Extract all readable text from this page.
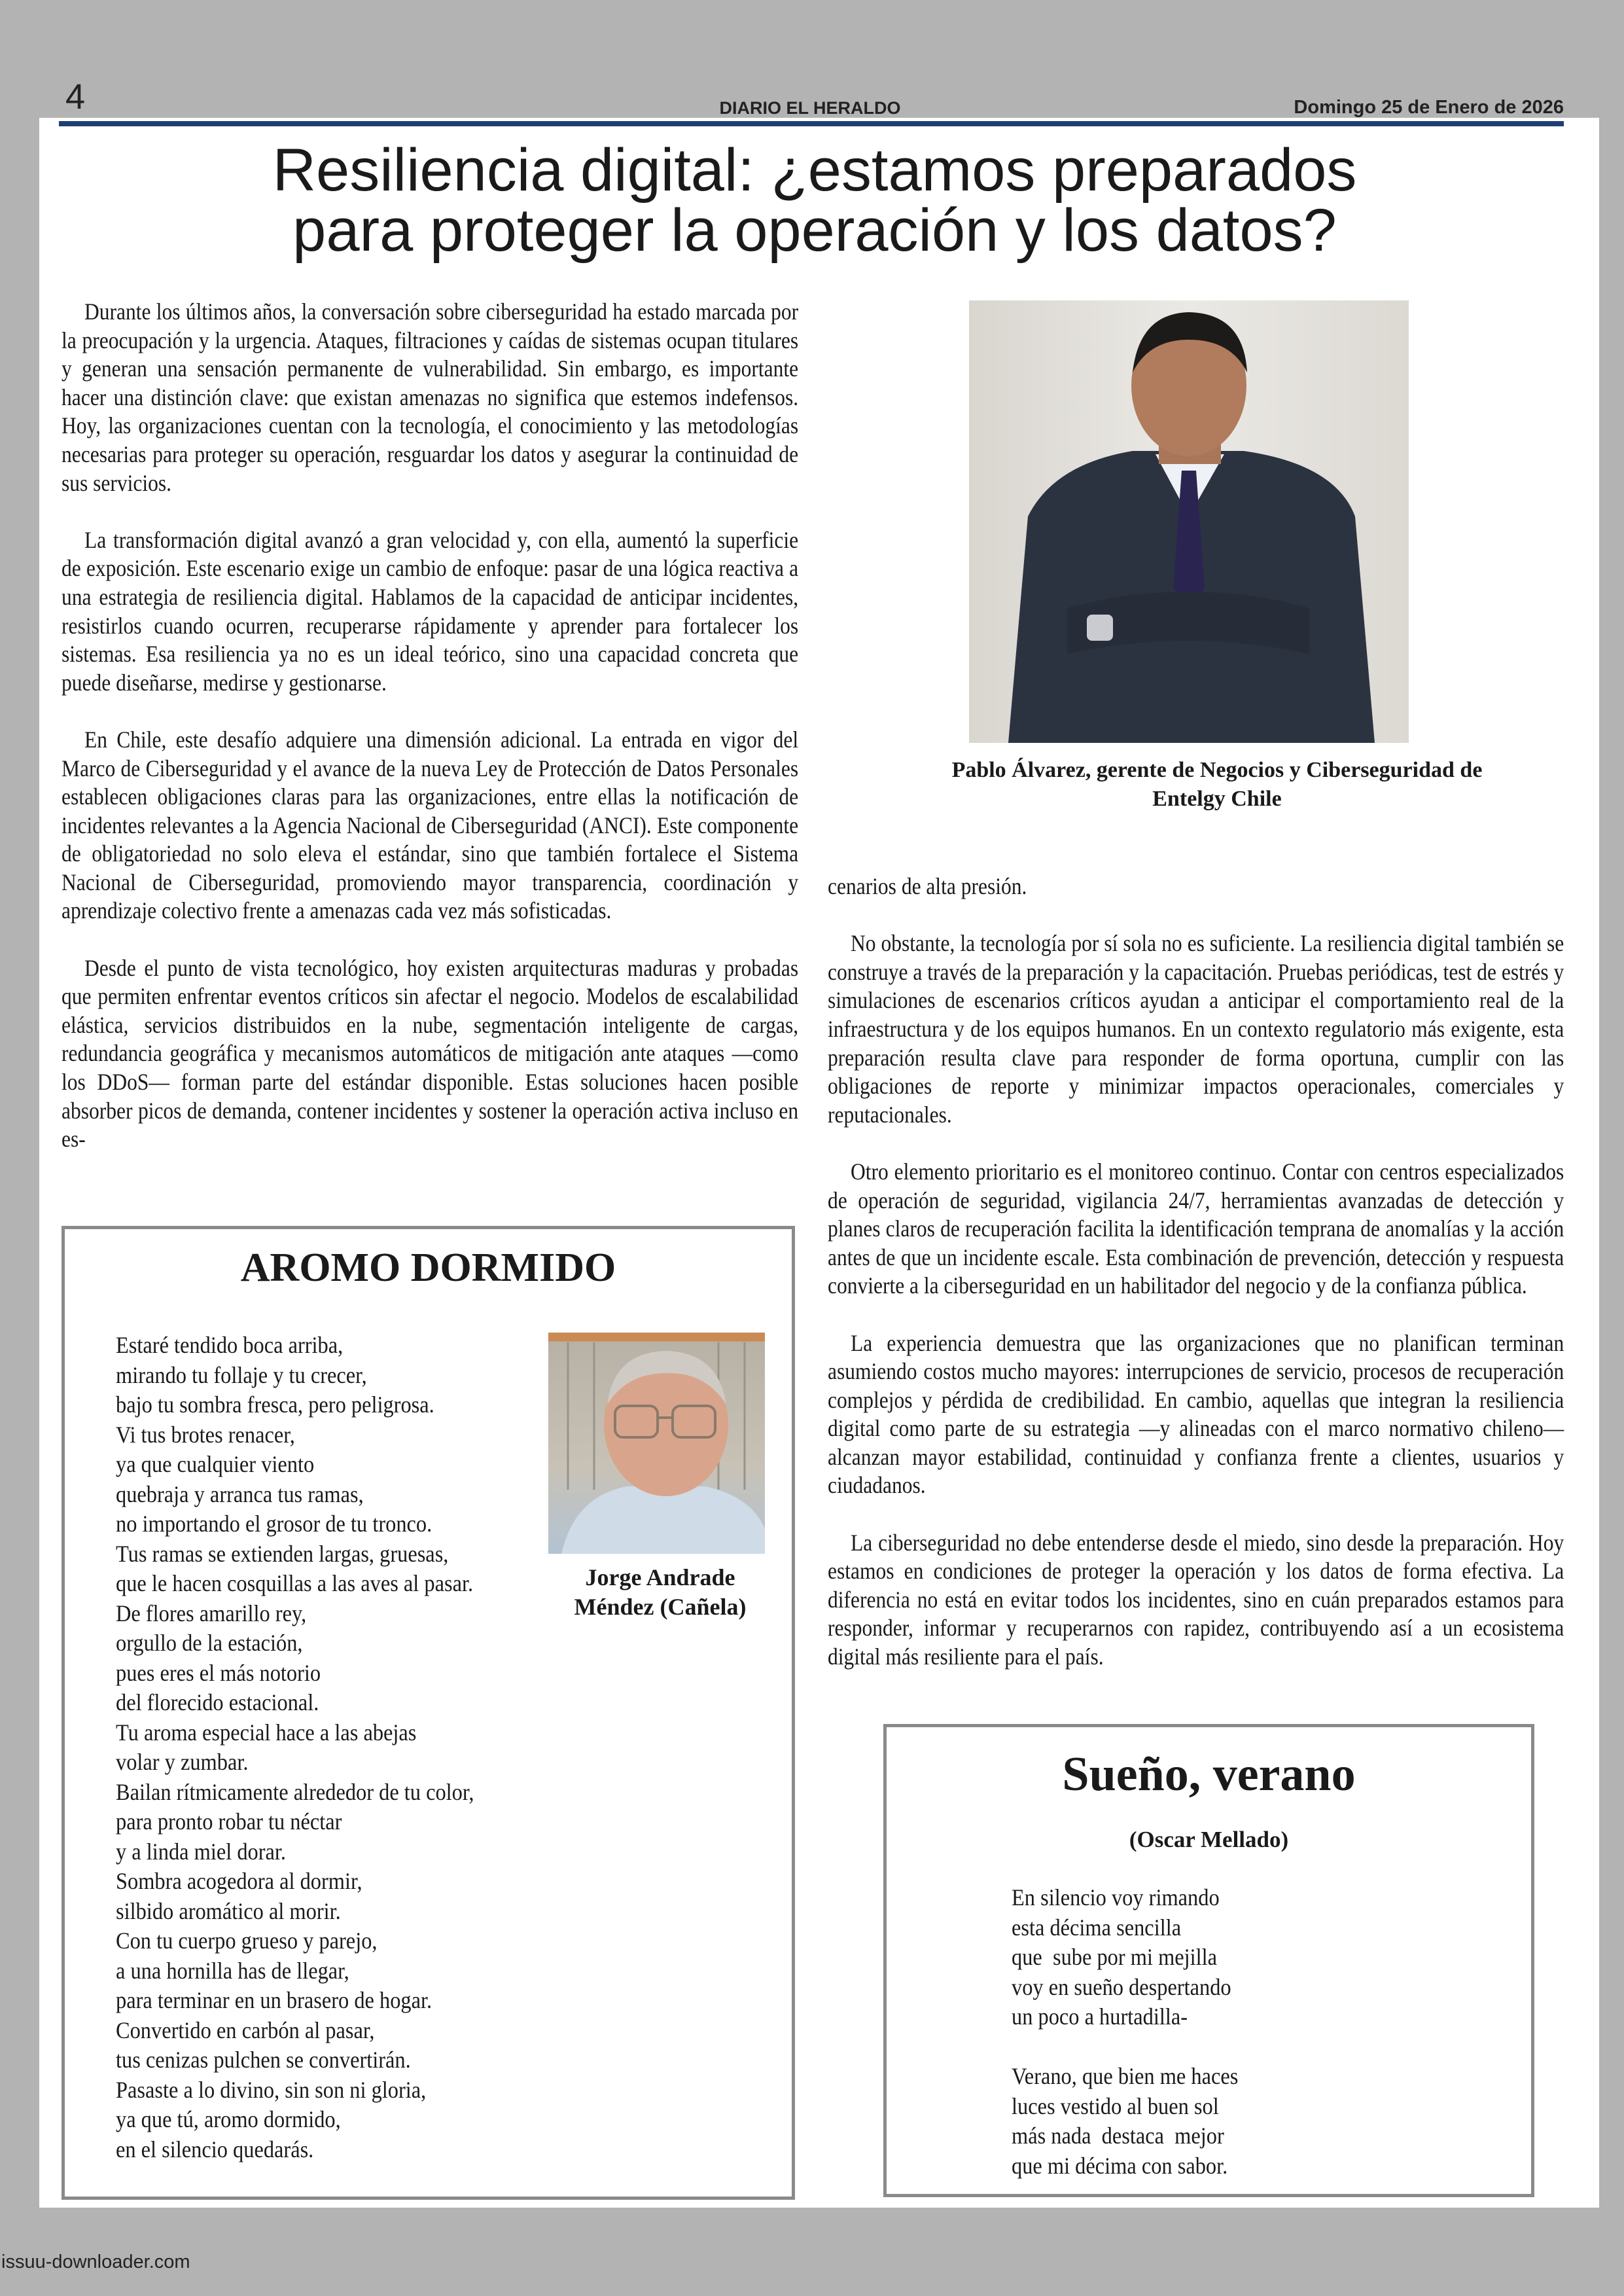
4	DIARIO EL HERALDO	Domingo 25 de Enero de 2026
Resiliencia digital: ¿estamos preparados
para proteger la operación y los datos?

Durante los últimos años, la conversación sobre ciberseguridad ha estado marcada por la preocupación y la urgencia. Ataques, filtraciones y caídas de sistemas ocupan titulares y generan una sensación permanente de vulnerabilidad. Sin embargo, es importante hacer una distinción clave: que existan amenazas no significa que estemos indefensos. Hoy, las organizaciones cuentan con la tecnología, el conocimiento y las metodologías necesarias para proteger su operación, resguardar los datos y asegurar la continuidad de sus servicios.

La transformación digital avanzó a gran velocidad y, con ella, aumentó la superficie de exposición. Este escenario exige un cambio de enfoque: pasar de una lógica reactiva a una estrategia de resiliencia digital. Hablamos de la capacidad de anticipar incidentes, resistirlos cuando ocurren, recuperarse rápidamente y aprender para fortalecer los sistemas. Esa resiliencia ya no es un ideal teórico, sino una capacidad concreta que puede diseñarse, medirse y gestionarse.

En Chile, este desafío adquiere una dimensión adicional. La entrada en vigor del Marco de Ciberseguridad y el avance de la nueva Ley de Protección de Datos Personales establecen obligaciones claras para las organizaciones, entre ellas la notificación de incidentes relevantes a la Agencia Nacional de Ciberseguridad (ANCI). Este componente de obligatoriedad no solo eleva el estándar, sino que también fortalece el Sistema Nacional de Ciberseguridad, promoviendo mayor transparencia, coordinación y aprendizaje colectivo frente a amenazas cada vez más sofisticadas.

Desde el punto de vista tecnológico, hoy existen arquitecturas maduras y probadas que permiten enfrentar eventos críticos sin afectar el negocio. Modelos de escalabilidad elástica, servicios distribuidos en la nube, segmentación inteligente de cargas, redundancia geográfica y mecanismos automáticos de mitigación ante ataques —como los DDoS— forman parte del estándar disponible. Estas soluciones hacen posible absorber picos de demanda, contener incidentes y sostener la operación activa incluso en es-

Pablo Álvarez, gerente de Negocios y Ciberseguridad de
Entelgy Chile

cenarios de alta presión.

No obstante, la tecnología por sí sola no es suficiente. La resiliencia digital también se construye a través de la preparación y la capacitación. Pruebas periódicas, test de estrés y simulaciones de escenarios críticos ayudan a anticipar el comportamiento real de la infraestructura y de los equipos humanos. En un contexto regulatorio más exigente, esta preparación resulta clave para responder de forma oportuna, cumplir con las obligaciones de reporte y minimizar impactos operacionales, comerciales y reputacionales.

Otro elemento prioritario es el monitoreo continuo. Contar con centros especializados de operación de seguridad, vigilancia 24/7, herramientas avanzadas de detección y planes claros de recuperación facilita la identificación temprana de anomalías y la acción antes de que un incidente escale. Esta combinación de prevención, detección y respuesta convierte a la ciberseguridad en un habilitador del negocio y de la confianza pública.

La experiencia demuestra que las organizaciones que no planifican terminan asumiendo costos mucho mayores: interrupciones de servicio, procesos de recuperación complejos y pérdida de credibilidad. En cambio, aquellas que integran la resiliencia digital como parte de su estrategia —y alineadas con el marco normativo chileno— alcanzan mayor estabilidad, continuidad y confianza frente a clientes, usuarios y ciudadanos.

La ciberseguridad no debe entenderse desde el miedo, sino desde la preparación. Hoy estamos en condiciones de proteger la operación y los datos de forma efectiva. La diferencia no está en evitar todos los incidentes, sino en cuán preparados estamos para responder, informar y recuperarnos con rapidez, contribuyendo así a un ecosistema digital más resiliente para el país.

AROMO DORMIDO
Estaré tendido boca arriba,
mirando tu follaje y tu crecer,
bajo tu sombra fresca, pero peligrosa.
Vi tus brotes renacer,
ya que cualquier viento
quebraja y arranca tus ramas,
no importando el grosor de tu tronco.
Tus ramas se extienden largas, gruesas,
que le hacen cosquillas a las aves al pasar.
De flores amarillo rey,
orgullo de la estación,
pues eres el más notorio
del florecido estacional.
Tu aroma especial hace a las abejas
volar y zumbar.
Bailan rítmicamente alrededor de tu color,
para pronto robar tu néctar
y a linda miel dorar.
Sombra acogedora al dormir,
silbido aromático al morir.
Con tu cuerpo grueso y parejo,
a una hornilla has de llegar,
para terminar en un brasero de hogar.
Convertido en carbón al pasar,
tus cenizas pulchen se convertirán.
Pasaste a lo divino, sin son ni gloria,
ya que tú, aromo dormido,
en el silencio quedarás.
Jorge Andrade
Méndez (Cañela)
Sueño, verano
(Oscar Mellado)
En silencio voy rimando
esta décima sencilla
que  sube por mi mejilla
voy en sueño despertando
un poco a hurtadilla-
Verano, que bien me haces
luces vestido al buen sol
más nada  destaca  mejor
que mi décima con sabor.
issuu-downloader.com
